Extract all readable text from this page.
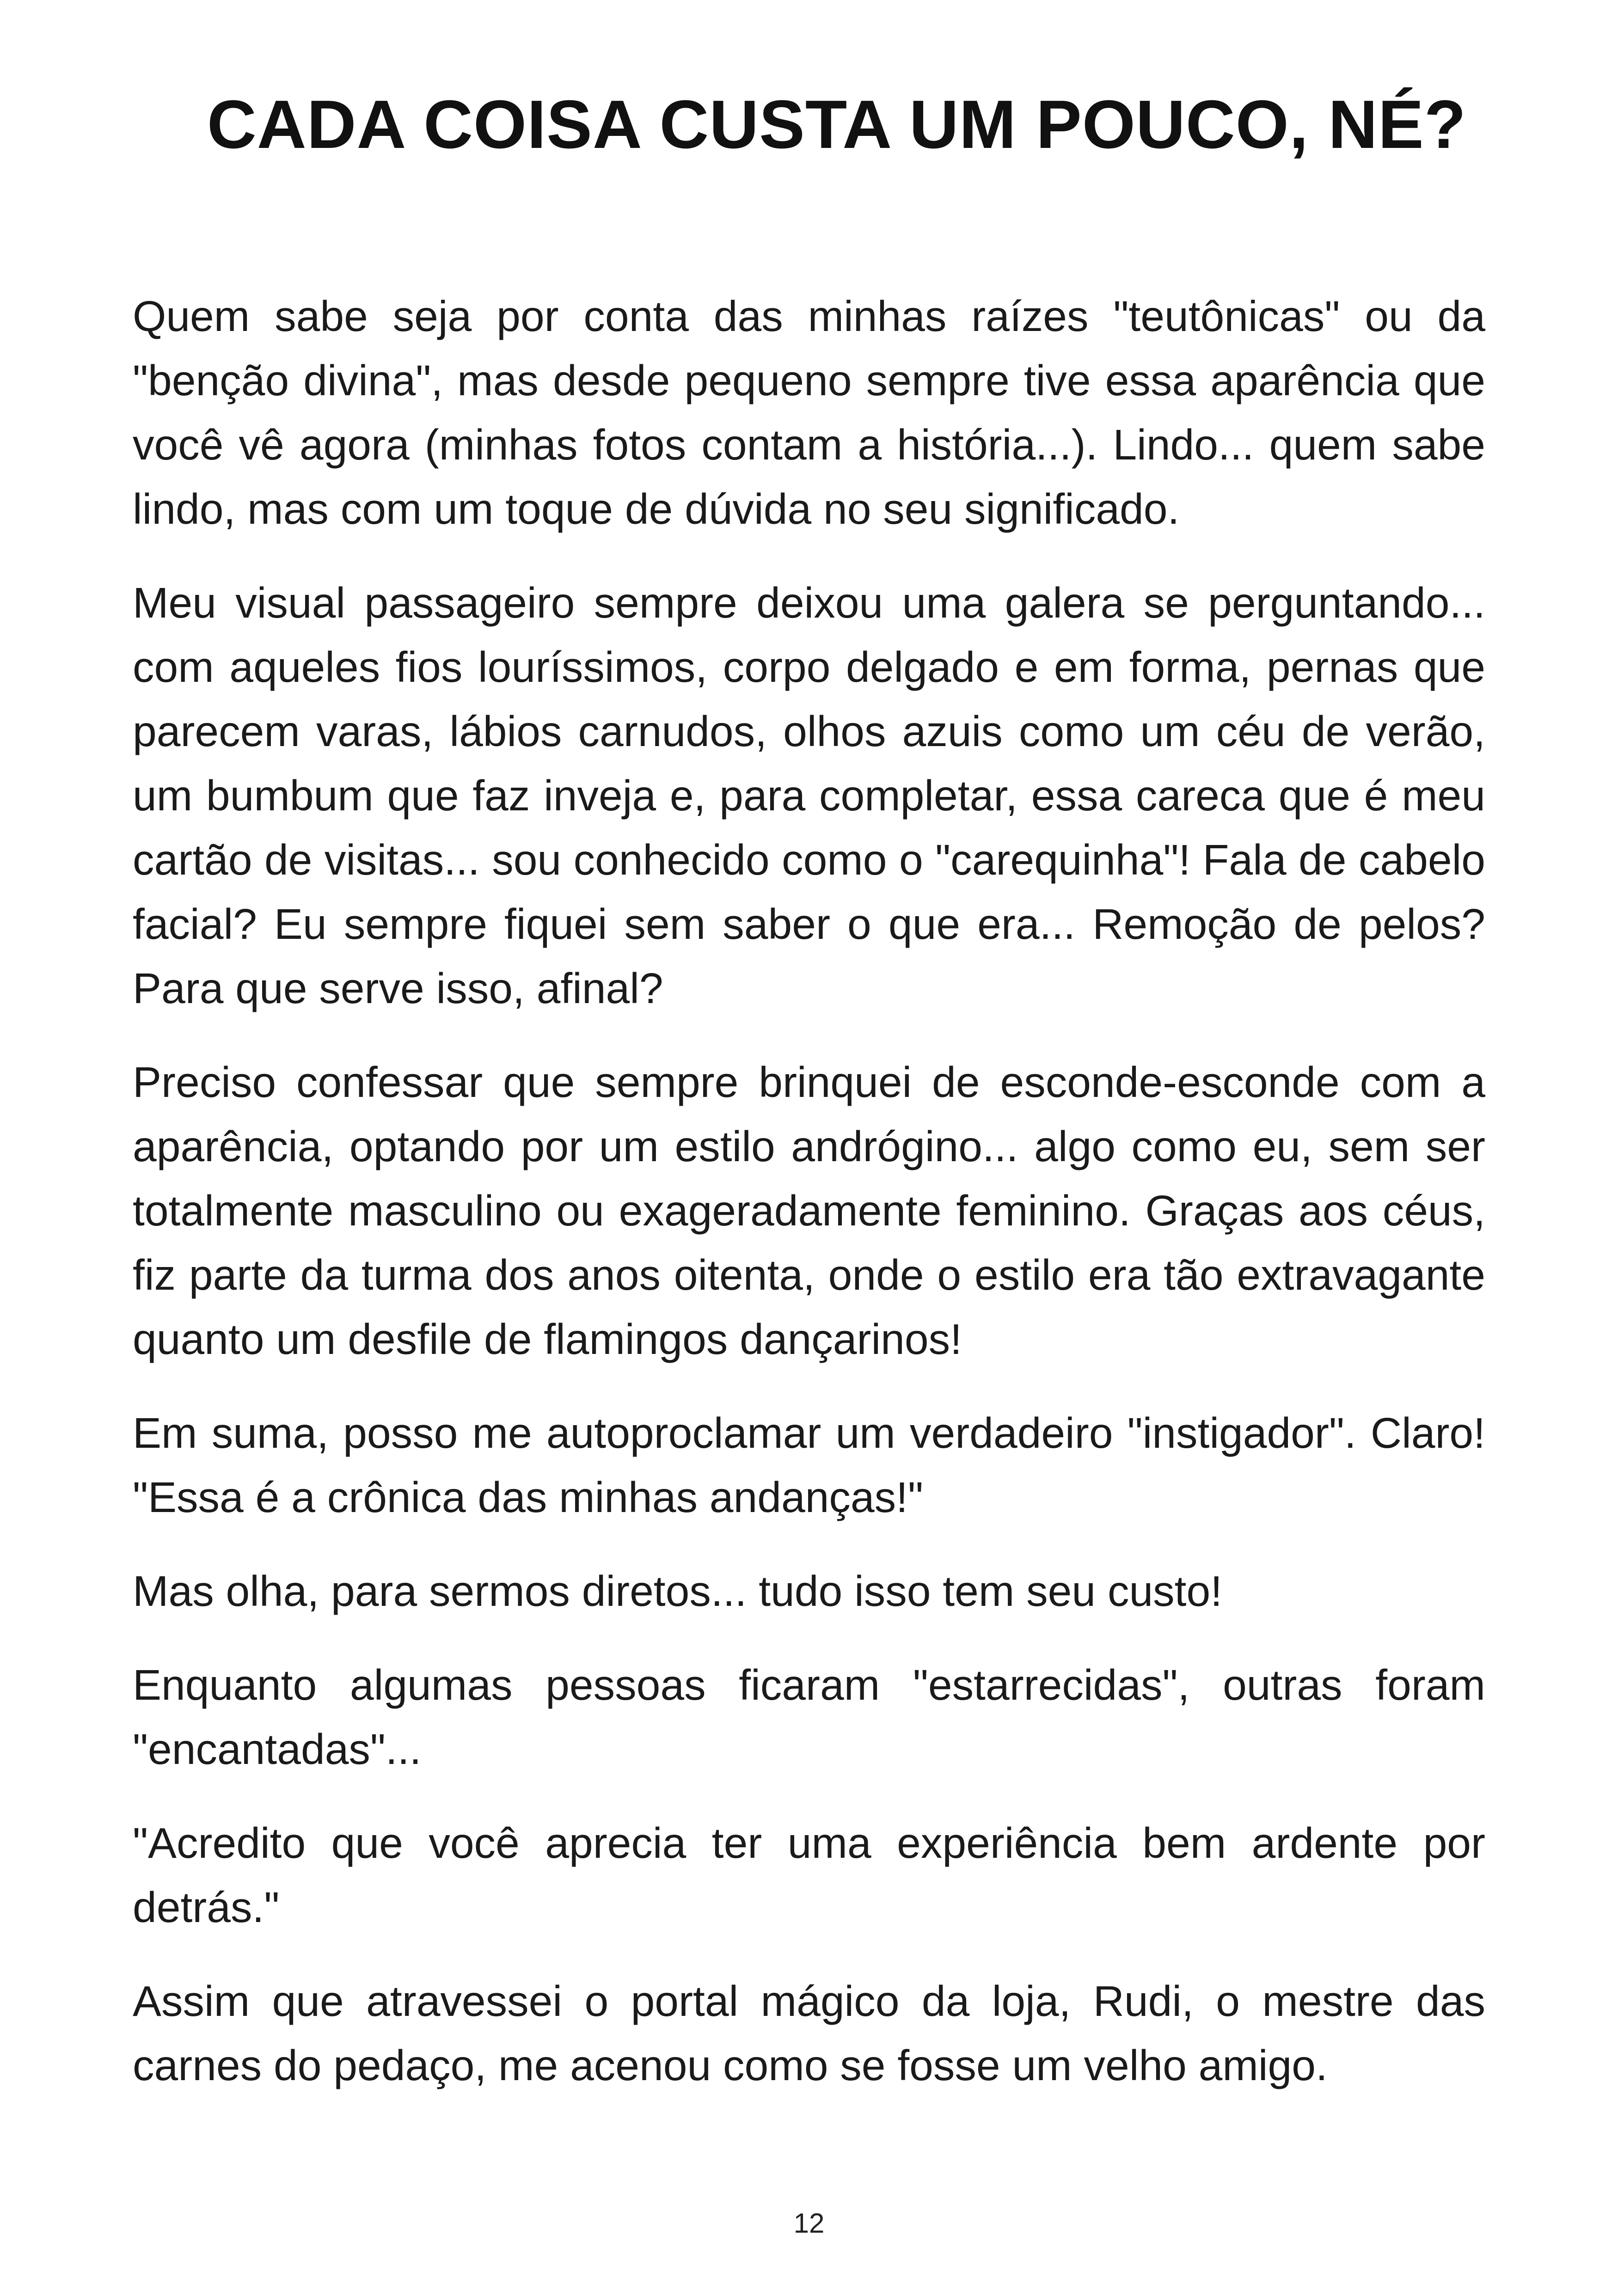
CADA COISA CUSTA UM POUCO, NÉ?

Quem sabe seja por conta das minhas raízes "teutônicas" ou da "benção divina", mas desde pequeno sempre tive essa aparência que você vê agora (minhas fotos contam a história...). Lindo... quem sabe lindo, mas com um toque de dúvida no seu significado.

Meu visual passageiro sempre deixou uma galera se perguntando... com aqueles fios louríssimos, corpo delgado e em forma, pernas que parecem varas, lábios carnudos, olhos azuis como um céu de verão, um bumbum que faz inveja e, para completar, essa careca que é meu cartão de visitas... sou conhecido como o "carequinha"! Fala de cabelo facial? Eu sempre fiquei sem saber o que era... Remoção de pelos? Para que serve isso, afinal?

Preciso confessar que sempre brinquei de esconde-esconde com a aparência, optando por um estilo andrógino... algo como eu, sem ser totalmente masculino ou exageradamente feminino. Graças aos céus, fiz parte da turma dos anos oitenta, onde o estilo era tão extravagante quanto um desfile de flamingos dançarinos!

Em suma, posso me autoproclamar um verdadeiro "instigador". Claro! "Essa é a crônica das minhas andanças!"

Mas olha, para sermos diretos... tudo isso tem seu custo!

Enquanto algumas pessoas ficaram "estarrecidas", outras foram "encantadas"...

"Acredito que você aprecia ter uma experiência bem ardente por detrás."

Assim que atravessei o portal mágico da loja, Rudi, o mestre das carnes do pedaço, me acenou como se fosse um velho amigo.

12
